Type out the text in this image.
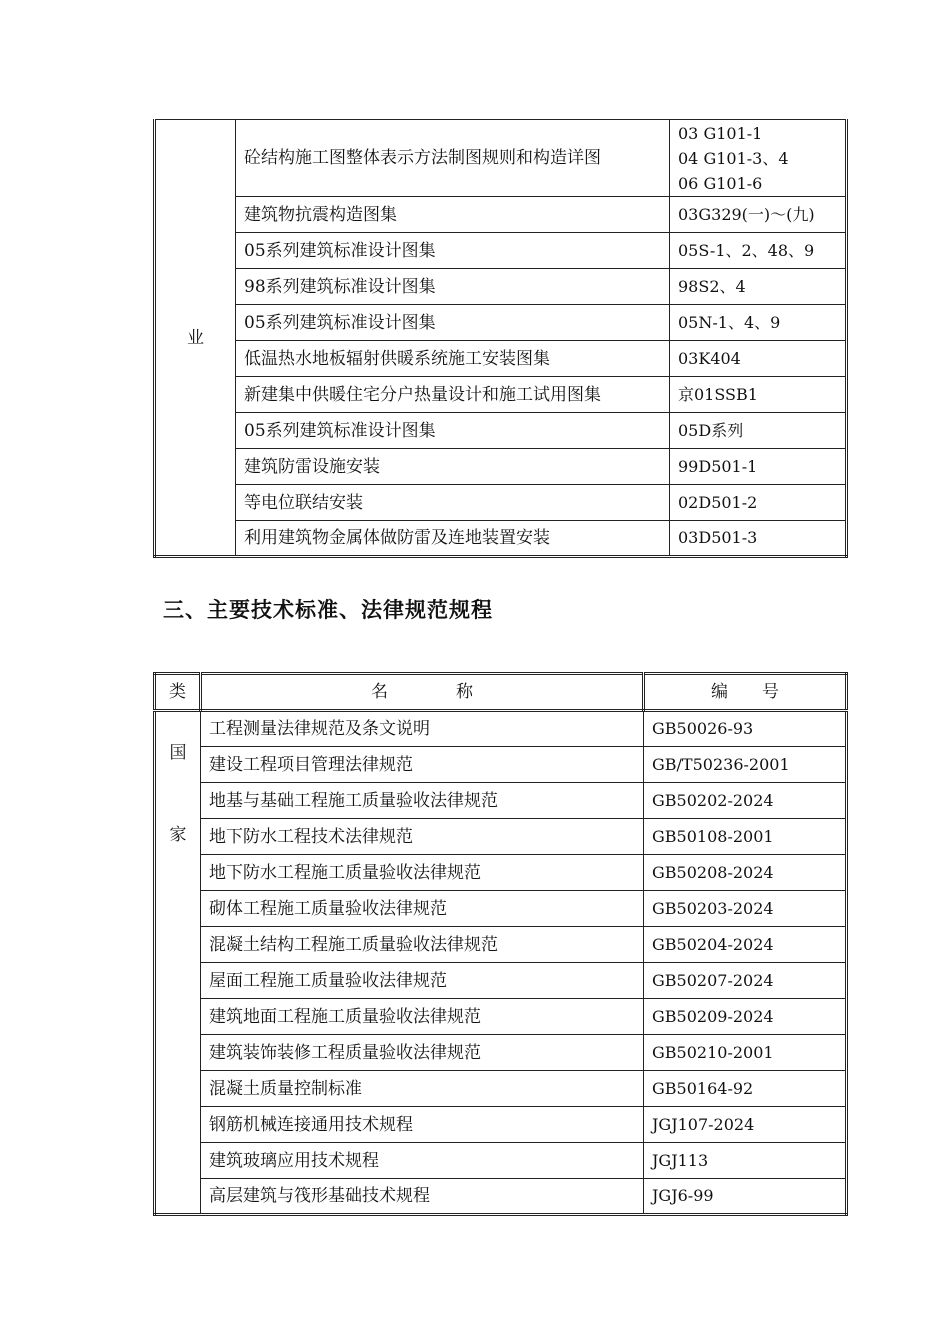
业	砼结构施工图整体表示方法制图规则和构造详图	03 G101-1
04 G101-3、4
06 G101-6

	建筑物抗震构造图集	03G329(一)～(九)
	05系列建筑标准设计图集	05S-1、2、48、9
	98系列建筑标准设计图集	98S2、4
	05系列建筑标准设计图集	05N-1、4、9
	低温热水地板辐射供暖系统施工安装图集	03K404
	新建集中供暖住宅分户热量设计和施工试用图集	京01SSB1
	05系列建筑标准设计图集	05D系列
	建筑防雷设施安装	99D501-1
	等电位联结安装	02D501-2
	利用建筑物金属体做防雷及连地装置安装	03D501-3
三、主要技术标准、法律规范规程
类	名　　　　称	编　　号

国
家	工程测量法律规范及条文说明	GB50026-93
	建设工程项目管理法律规范	GB/T50236-2001
	地基与基础工程施工质量验收法律规范	GB50202-2024
	地下防水工程技术法律规范	GB50108-2001
	地下防水工程施工质量验收法律规范	GB50208-2024
	砌体工程施工质量验收法律规范	GB50203-2024
	混凝土结构工程施工质量验收法律规范	GB50204-2024
	屋面工程施工质量验收法律规范	GB50207-2024
	建筑地面工程施工质量验收法律规范	GB50209-2024
	建筑装饰装修工程质量验收法律规范	GB50210-2001
	混凝土质量控制标准	GB50164-92
	钢筋机械连接通用技术规程	JGJ107-2024
	建筑玻璃应用技术规程	JGJ113
	高层建筑与筏形基础技术规程	JGJ6-99
